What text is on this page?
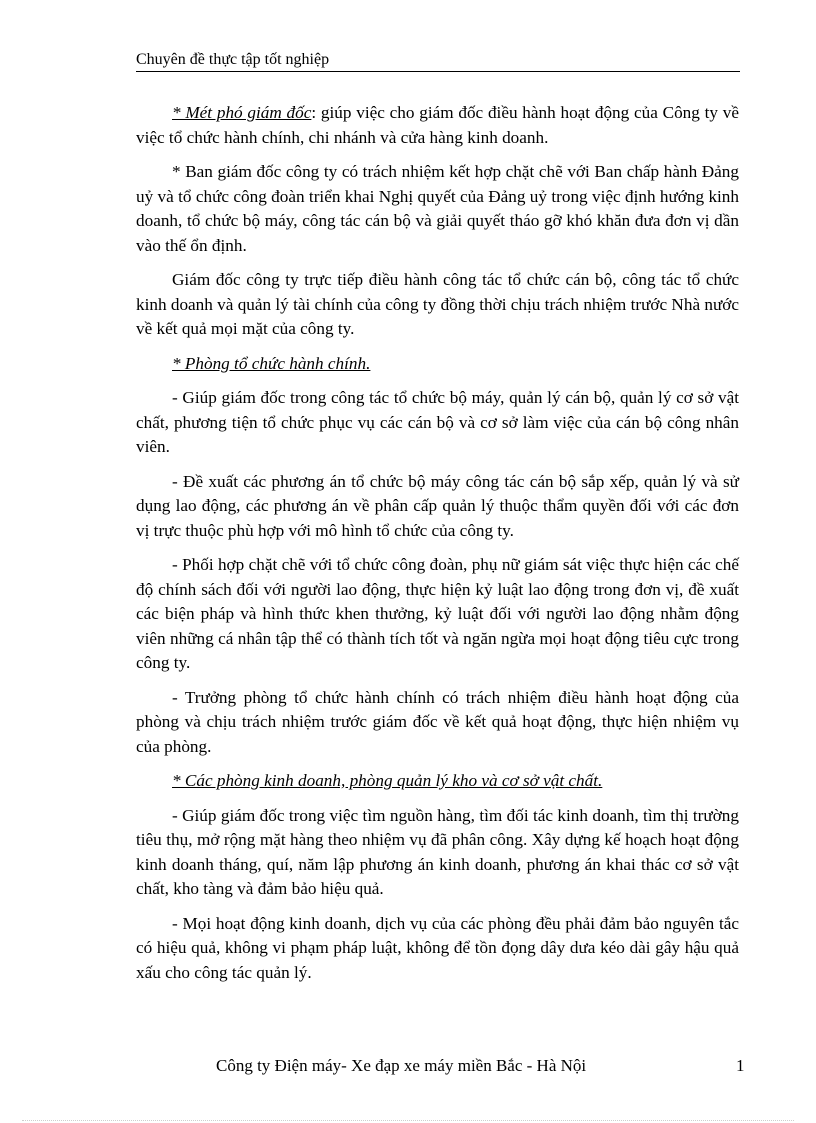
Chuyên đề thực tập tốt nghiệp

* Mét phó giám đốc: giúp việc cho giám đốc điều hành hoạt động của Công ty về việc tổ chức hành chính, chi nhánh và cửa hàng kinh doanh.

* Ban giám đốc công ty có trách nhiệm kết hợp chặt chẽ với Ban chấp hành Đảng uỷ và tổ chức công đoàn triển khai Nghị quyết của Đảng uỷ trong việc định hướng kinh doanh, tổ chức bộ máy, công tác cán bộ và giải quyết tháo gỡ khó khăn đưa đơn vị dần vào thế ổn định.

Giám đốc công ty trực tiếp điều hành công tác tổ chức cán bộ, công tác tổ chức kinh doanh và quản lý tài chính của công ty đồng thời chịu trách nhiệm trước Nhà nước về kết quả mọi mặt của công ty.

* Phòng tổ chức hành chính.

- Giúp giám đốc trong công tác tổ chức bộ máy, quản lý cán bộ, quản lý cơ sở vật chất, phương tiện tổ chức phục vụ các cán bộ và cơ sở làm việc của cán bộ công nhân viên.

- Đề xuất các phương án tổ chức bộ máy công tác cán bộ sắp xếp, quản lý và sử dụng lao động, các phương án về phân cấp quản lý thuộc thẩm quyền đối với các đơn vị trực thuộc phù hợp với mô hình tổ chức của công ty.

- Phối hợp chặt chẽ với tổ chức công đoàn, phụ nữ giám sát việc thực hiện các chế độ chính sách đối với người lao động, thực hiện kỷ luật lao động trong đơn vị, đề xuất các biện pháp và hình thức khen thưởng, kỷ luật đối với người lao động nhằm động viên những cá nhân tập thể có thành tích tốt và ngăn ngừa mọi hoạt động tiêu cực trong công ty.

- Trưởng phòng tổ chức hành chính có trách nhiệm điều hành hoạt động của phòng và chịu trách nhiệm trước giám đốc về kết quả hoạt động, thực hiện nhiệm vụ của phòng.

* Các phòng kinh doanh, phòng quản lý kho và cơ sở vật chất.

- Giúp giám đốc trong việc tìm nguồn hàng, tìm đối tác kinh doanh, tìm thị trường tiêu thụ, mở rộng mặt hàng theo nhiệm vụ đã phân công. Xây dựng kế hoạch hoạt động kinh doanh tháng, quí, năm lập phương án kinh doanh, phương án khai thác cơ sở vật chất, kho tàng và đảm bảo hiệu quả.

- Mọi hoạt động kinh doanh, dịch vụ của các phòng đều phải đảm bảo nguyên tắc có hiệu quả, không vi phạm pháp luật, không để tồn đọng dây dưa kéo dài gây hậu quả xấu cho công tác quản lý.

Công ty Điện máy- Xe đạp xe máy miền Bắc - Hà Nội	1
